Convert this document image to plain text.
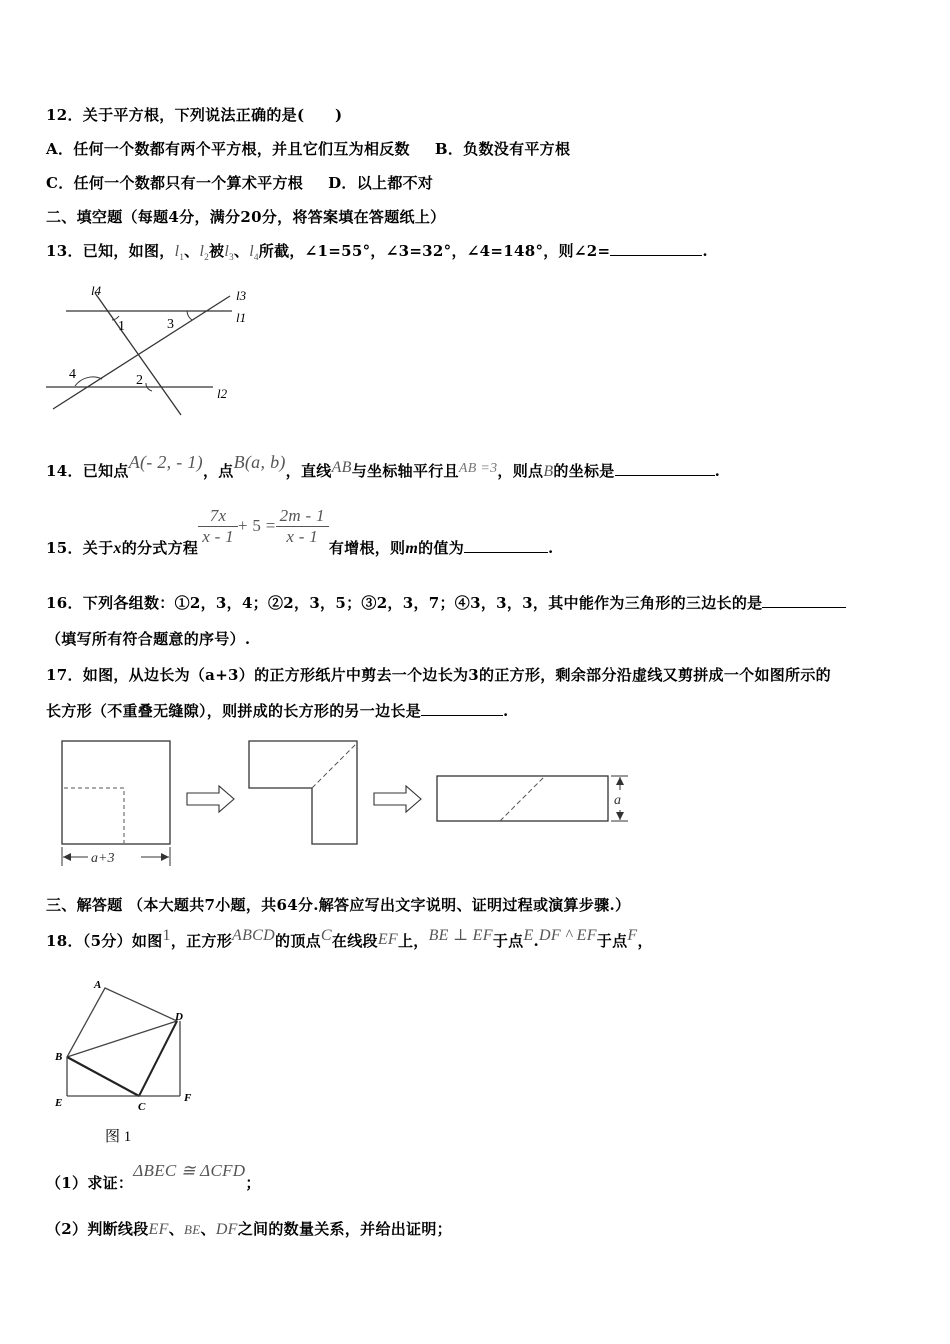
12．关于平方根，下列说法正确的是(　　)
A．任何一个数都有两个平方根，并且它们互为相反数 B．负数没有平方根
C．任何一个数都只有一个算术平方根 D．以上都不对
二、填空题（每题4分，满分20分，将答案填在答题纸上）
13．已知，如图，$l_1$、$l_2$被$l_3$、$l_4$所截，∠1=55°，∠3=32°，∠4=148°，则∠2=	.
l4	l3
l1
l2
1	3
4	2
14．已知点A(- 2, - 1)，点B(a, b)，直线AB与坐标轴平行且AB =3，则点B的坐标是	.
15．关于x的分式方程
$\frac{7x}{x - 1} + 5 = \frac{2m - 1}{x - 1}$
有增根，则m的值为	.
16．下列各组数：①2，3，4；②2，3，5；③2，3，7；④3，3，3，其中能作为三角形的三边长的是
（填写所有符合题意的序号）.
17．如图，从边长为（a+3）的正方形纸片中剪去一个边长为3的正方形，剩余部分沿虚线又剪拼成一个如图所示的
长方形（不重叠无缝隙），则拼成的长方形的另一边长是	.
a+3
a
三、解答题 （本大题共7小题，共64分.解答应写出文字说明、证明过程或演算步骤.）
18．（5分）如图1，正方形ABCD的顶点C在线段EF上，BE ⊥ EF于点E.DF ^ EF于点F，
A
D
B
E	C
F
图 1
（1）求证：ΔBEC ≅ ΔCFD；
（2）判断线段EF、BE、DF之间的数量关系，并给出证明；
